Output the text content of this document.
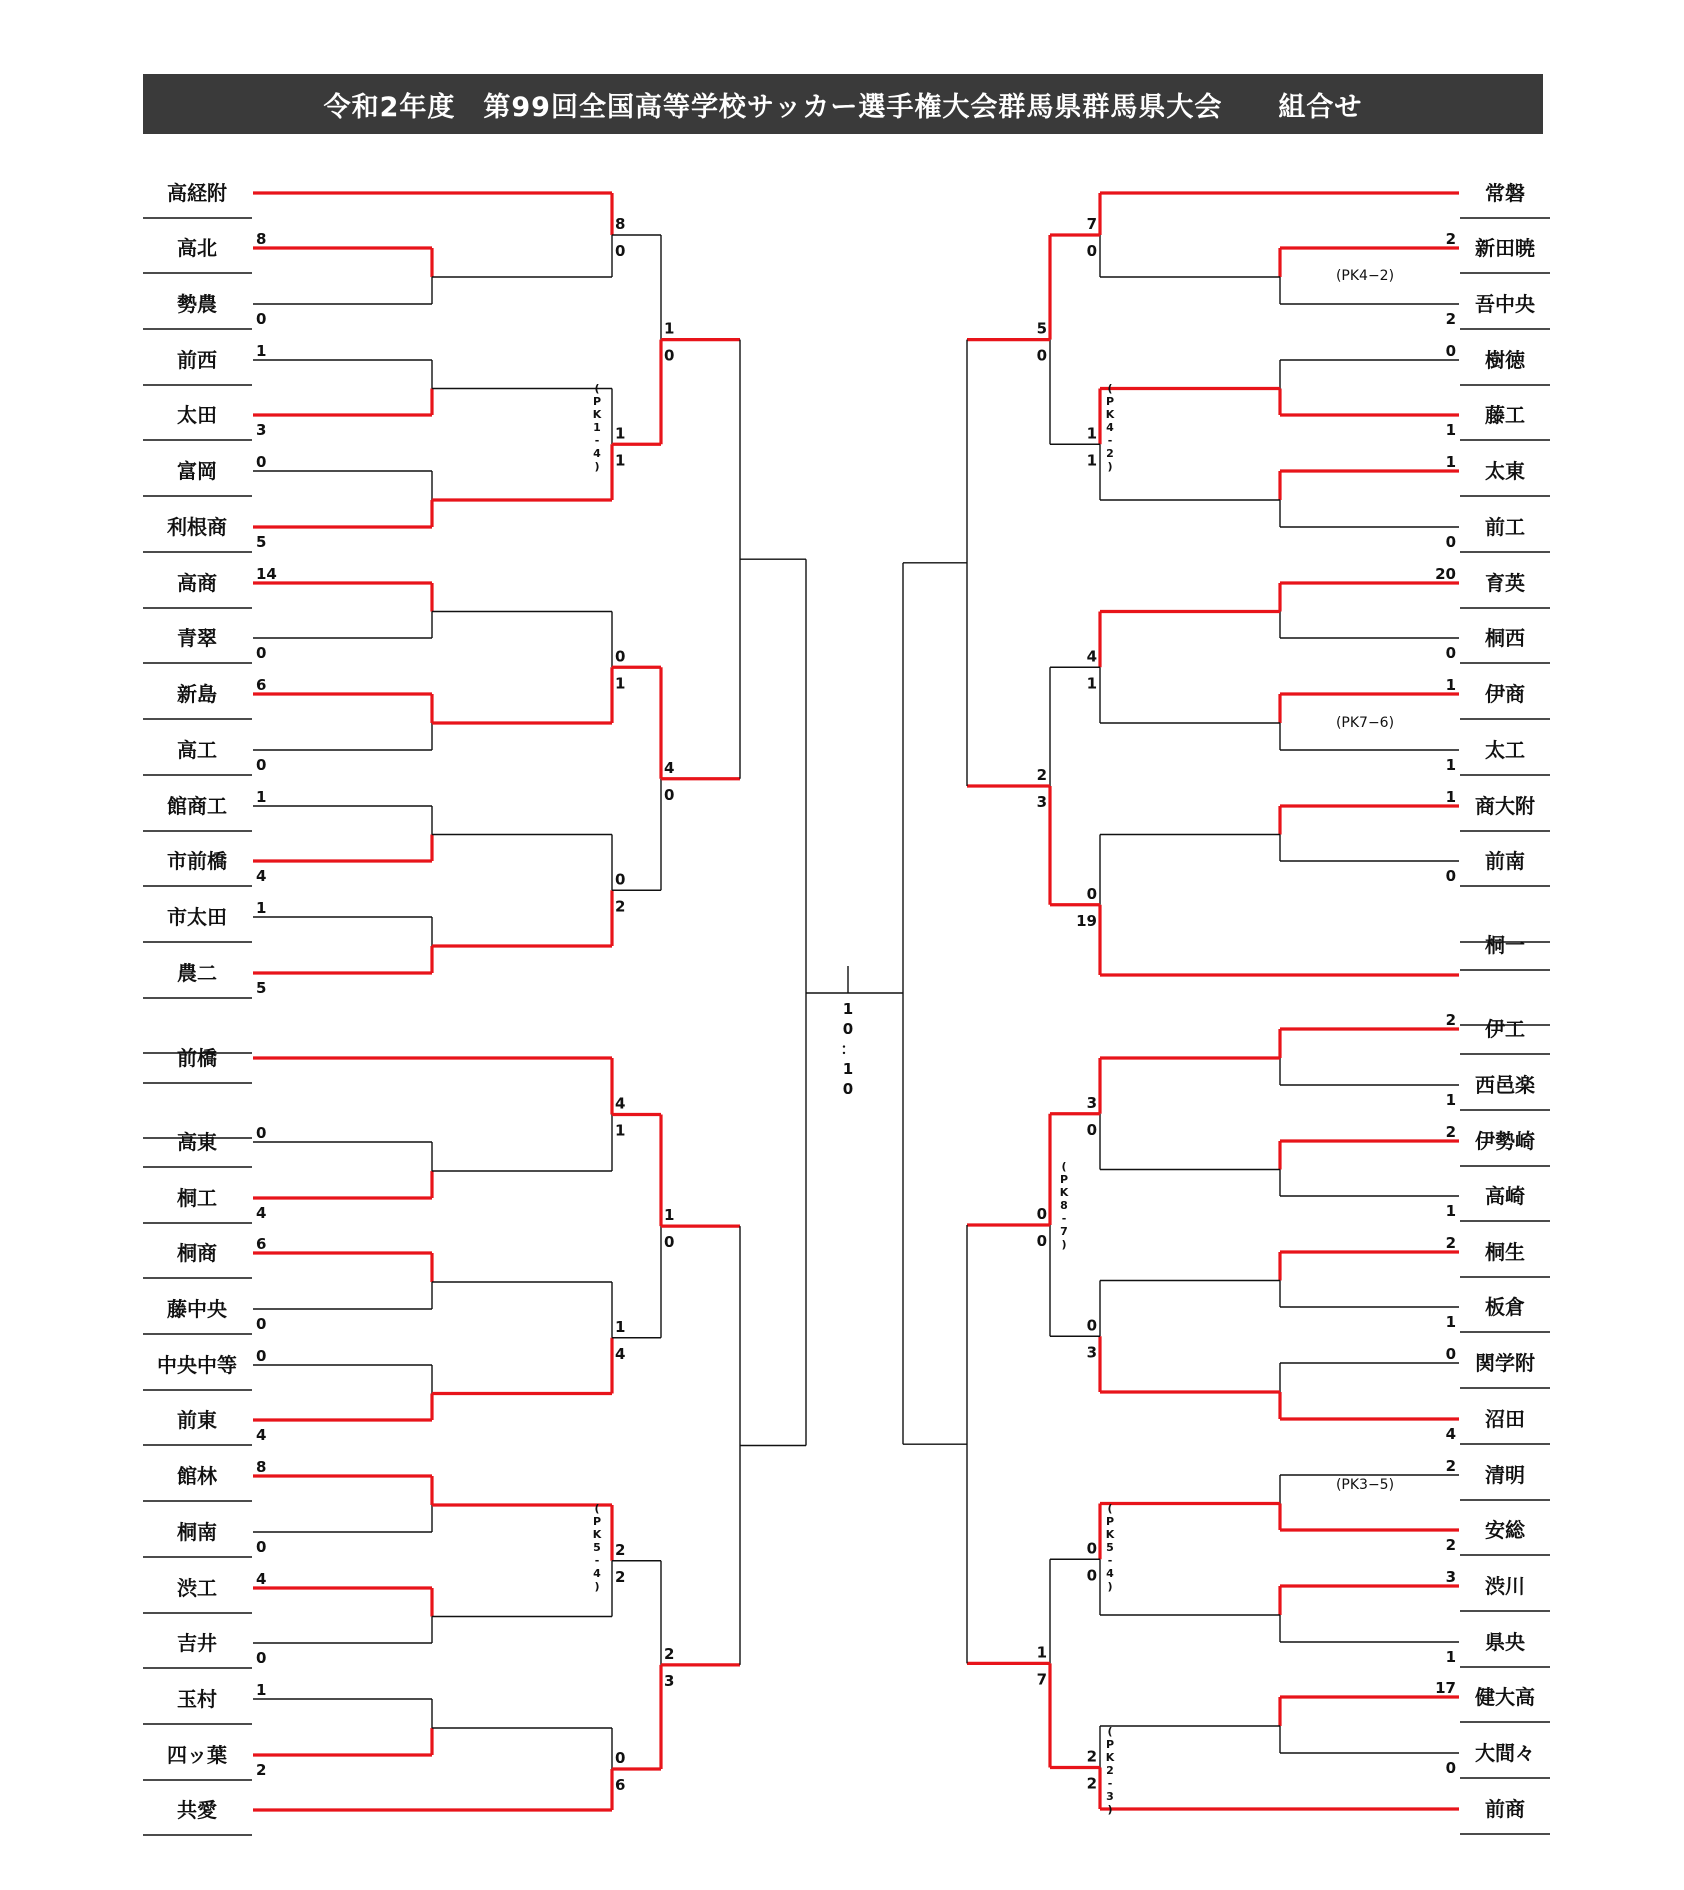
令和2年度　第99回全国高等学校サッカー選手権大会群馬県群馬県大会　　組合せ
高経附
高北
勢農
前西
太田
富岡
利根商
高商
青翠
新島
高工
館商工
市前橋
市太田
農二
前橋
高東
桐工
桐商
藤中央
中央中等
前東
館林
桐南
渋工
吉井
玉村
四ッ葉
共愛
常磐
新田暁
吾中央
樹徳
藤工
太東
前工
育英
桐西
伊商
太工
商大附
前南
桐一
伊工
西邑楽
伊勢崎
高崎
桐生
板倉
関学附
沼田
清明
安総
渋川
県央
健大高
大間々
前商
8
0
1
3
0
5
14
0
6
0
1
4
1
5
0
4
6
0
0
4
8
0
4
0
1
2
8
0
1
1
0
1
0
2
4
1
1
4
2
2
0
6
1
0
4
0
1
0
2
3
2
2
0
1
1
0
20
0
1
1
1
0
2
1
2
1
2
1
0
4
2
2
3
1
17
0
7
0
1
1
4
1
0
19
3
0
0
3
0
0
2
2
5
0
2
3
0
0
1
7
1
0
：
1
0
(PK4−2)
(PK7−6)
(PK3−5)
( P K 1 -4 )
( P K 5 -4 )
( P K 4 -2 )
( P K 8 -7 )
( P K 5 -4 )
( P K 2 -3 )
